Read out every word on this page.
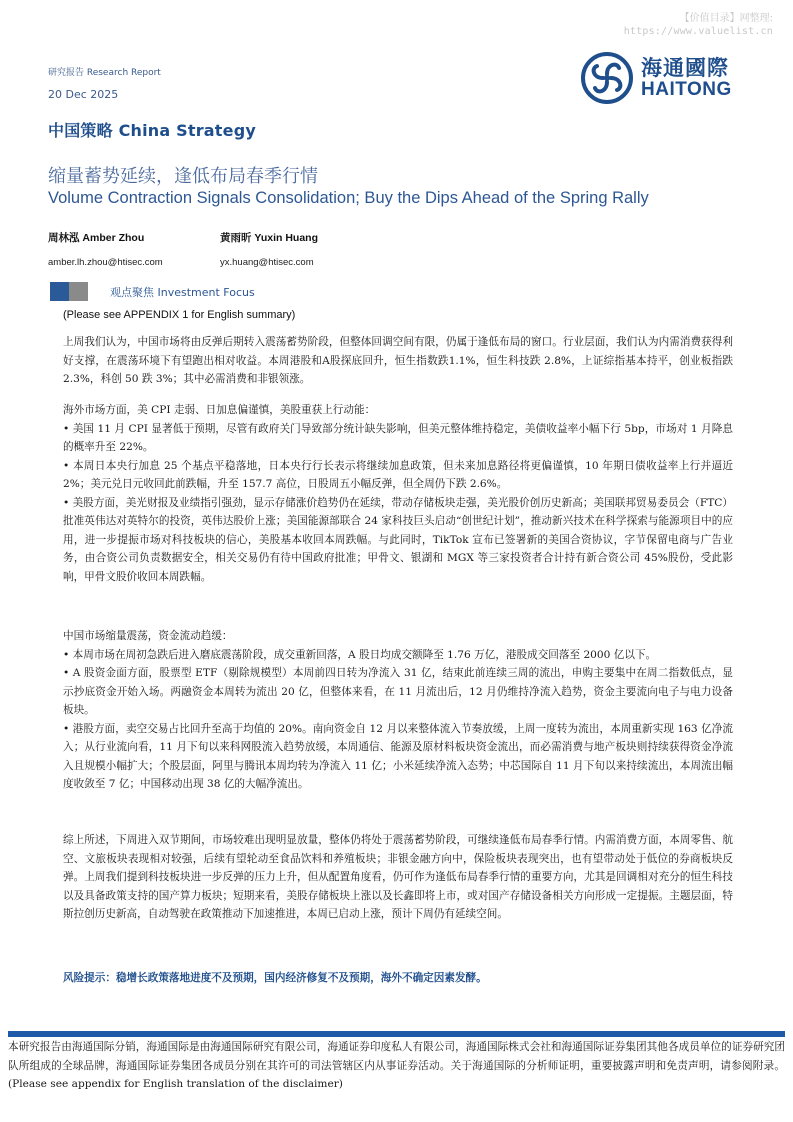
【价值目录】网整理:
https://www.valuelist.cn
研究报告 Research Report
20 Dec 2025
中国策略 China Strategy
海通國際
HAITONG
缩量蓄势延续，逢低布局春季行情
Volume Contraction Signals Consolidation; Buy the Dips Ahead of the Spring Rally
周林泓 Amber Zhou
amber.lh.zhou@htisec.com
黄雨昕 Yuxin Huang
yx.huang@htisec.com
观点聚焦 Investment Focus
(Please see APPENDIX 1 for English summary)

上周我们认为，中国市场将由反弹后期转入震荡蓄势阶段，但整体回调空间有限，仍属于逢低布局的窗口。行业层面，我们认为内需消费获得利好支撑，在震荡环境下有望跑出相对收益。本周港股和A股探底回升，恒生指数跌1.1%，恒生科技跌 2.8%，上证综指基本持平，创业板指跌 2.3%，科创 50 跌 3%；其中必需消费和非银领涨。

海外市场方面，美 CPI 走弱、日加息偏谨慎，美股重获上行动能：

• 美国 11 月 CPI 显著低于预期，尽管有政府关门导致部分统计缺失影响，但美元整体维持稳定，美债收益率小幅下行 5bp，市场对 1 月降息的概率升至 22%。

• 本周日本央行加息 25 个基点平稳落地，日本央行行长表示将继续加息政策，但未来加息路径将更偏谨慎，10 年期日债收益率上行并逼近 2%；美元兑日元收回此前跌幅，升至 157.7 高位，日股周五小幅反弹，但全周仍下跌 2.6%。

• 美股方面，美光财报及业绩指引强劲，显示存储涨价趋势仍在延续，带动存储板块走强，美光股价创历史新高；美国联邦贸易委员会（FTC）批准英伟达对英特尔的投资，英伟达股价上涨；美国能源部联合 24 家科技巨头启动“创世纪计划”，推动新兴技术在科学探索与能源项目中的应用，进一步提振市场对科技板块的信心，美股基本收回本周跌幅。与此同时，TikTok 宣布已签署新的美国合资协议，字节保留电商与广告业务，由合资公司负责数据安全，相关交易仍有待中国政府批准；甲骨文、银湖和 MGX 等三家投资者合计持有新合资公司 45%股份，受此影响，甲骨文股价收回本周跌幅。

中国市场缩量震荡，资金流动趋缓：

• 本周市场在周初急跌后进入磨底震荡阶段，成交重新回落，A 股日均成交额降至 1.76 万亿，港股成交回落至 2000 亿以下。

• A 股资金面方面，股票型 ETF（剔除规模型）本周前四日转为净流入 31 亿，结束此前连续三周的流出，申购主要集中在周二指数低点，显示抄底资金开始入场。两融资金本周转为流出 20 亿，但整体来看，在 11 月流出后，12 月仍维持净流入趋势，资金主要流向电子与电力设备板块。

• 港股方面，卖空交易占比回升至高于均值的 20%。南向资金自 12 月以来整体流入节奏放缓，上周一度转为流出，本周重新实现 163 亿净流入；从行业流向看，11 月下旬以来科网股流入趋势放缓，本周通信、能源及原材料板块资金流出，而必需消费与地产板块则持续获得资金净流入且规模小幅扩大；个股层面，阿里与腾讯本周均转为净流入 11 亿；小米延续净流入态势；中芯国际自 11 月下旬以来持续流出，本周流出幅度收敛至 7 亿；中国移动出现 38 亿的大幅净流出。

综上所述，下周进入双节期间，市场较难出现明显放量，整体仍将处于震荡蓄势阶段，可继续逢低布局春季行情。内需消费方面，本周零售、航空、文旅板块表现相对较强，后续有望轮动至食品饮料和养殖板块；非银金融方向中，保险板块表现突出，也有望带动处于低位的券商板块反弹。上周我们提到科技板块进一步反弹的压力上升，但从配置角度看，仍可作为逢低布局春季行情的重要方向，尤其是回调相对充分的恒生科技以及具备政策支持的国产算力板块；短期来看，美股存储板块上涨以及长鑫即将上市，或对国产存储设备相关方向形成一定提振。主题层面，特斯拉创历史新高，自动驾驶在政策推动下加速推进，本周已启动上涨，预计下周仍有延续空间。

风险提示：稳增长政策落地进度不及预期，国内经济修复不及预期，海外不确定因素发酵。
本研究报告由海通国际分销，海通国际是由海通国际研究有限公司，海通证券印度私人有限公司，海通国际株式会社和海通国际证券集团其他各成员单位的证券研究团队所组成的全球品牌，海通国际证券集团各成员分别在其许可的司法管辖区内从事证券活动。关于海通国际的分析师证明，重要披露声明和免责声明，请参阅附录。(Please see appendix for English translation of the disclaimer)
